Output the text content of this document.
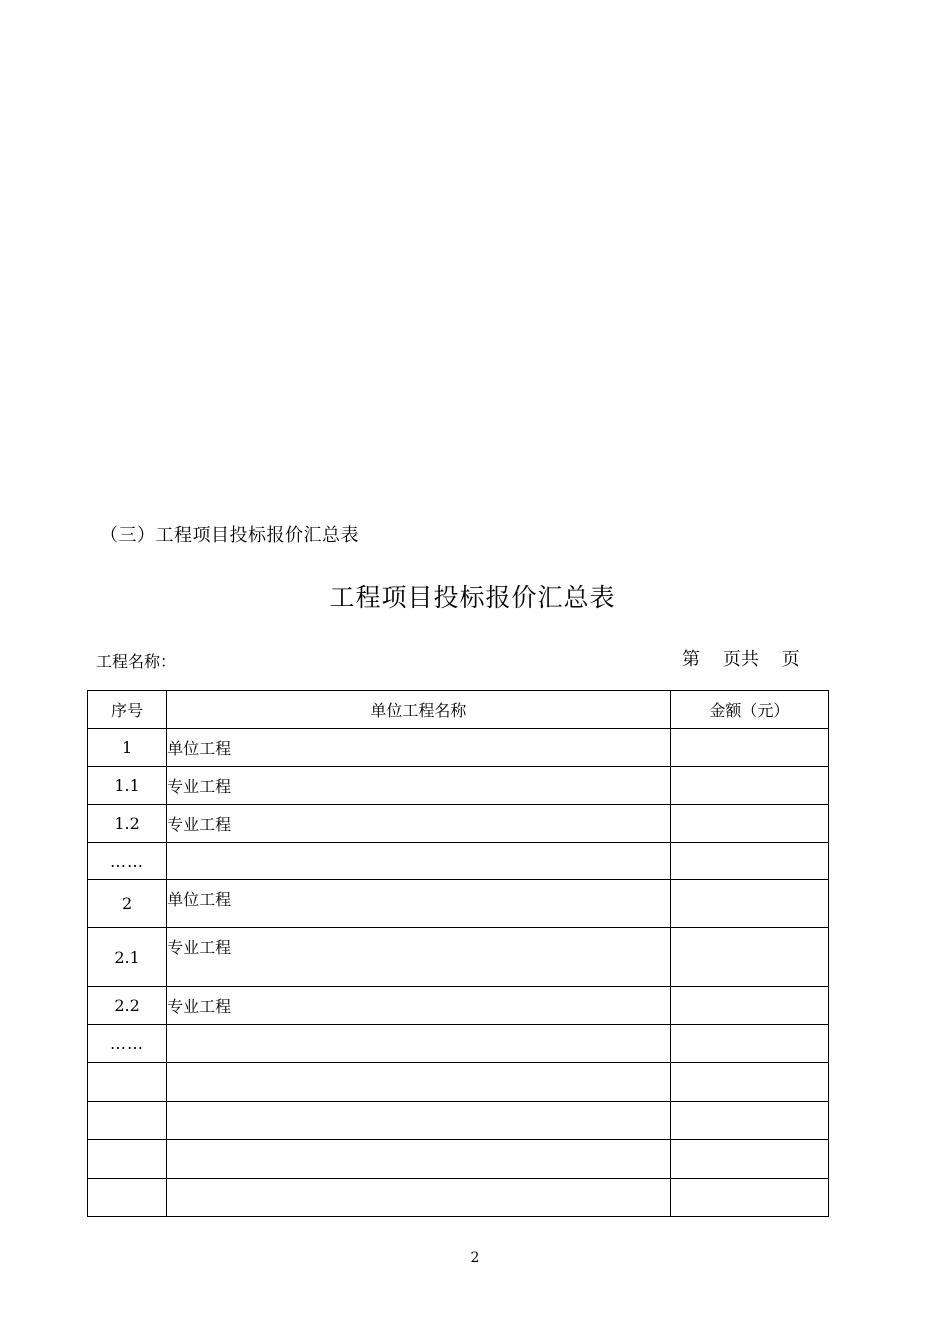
（三）工程项目投标报价汇总表
工程项目投标报价汇总表
工程名称：	第    页共    页
序号	单位工程名称	金额（元）
1	单位工程	
1.1	专业工程	
1.2	专业工程	
……		
2	单位工程	
2.1	专业工程	
2.2	专业工程	
……		

2
